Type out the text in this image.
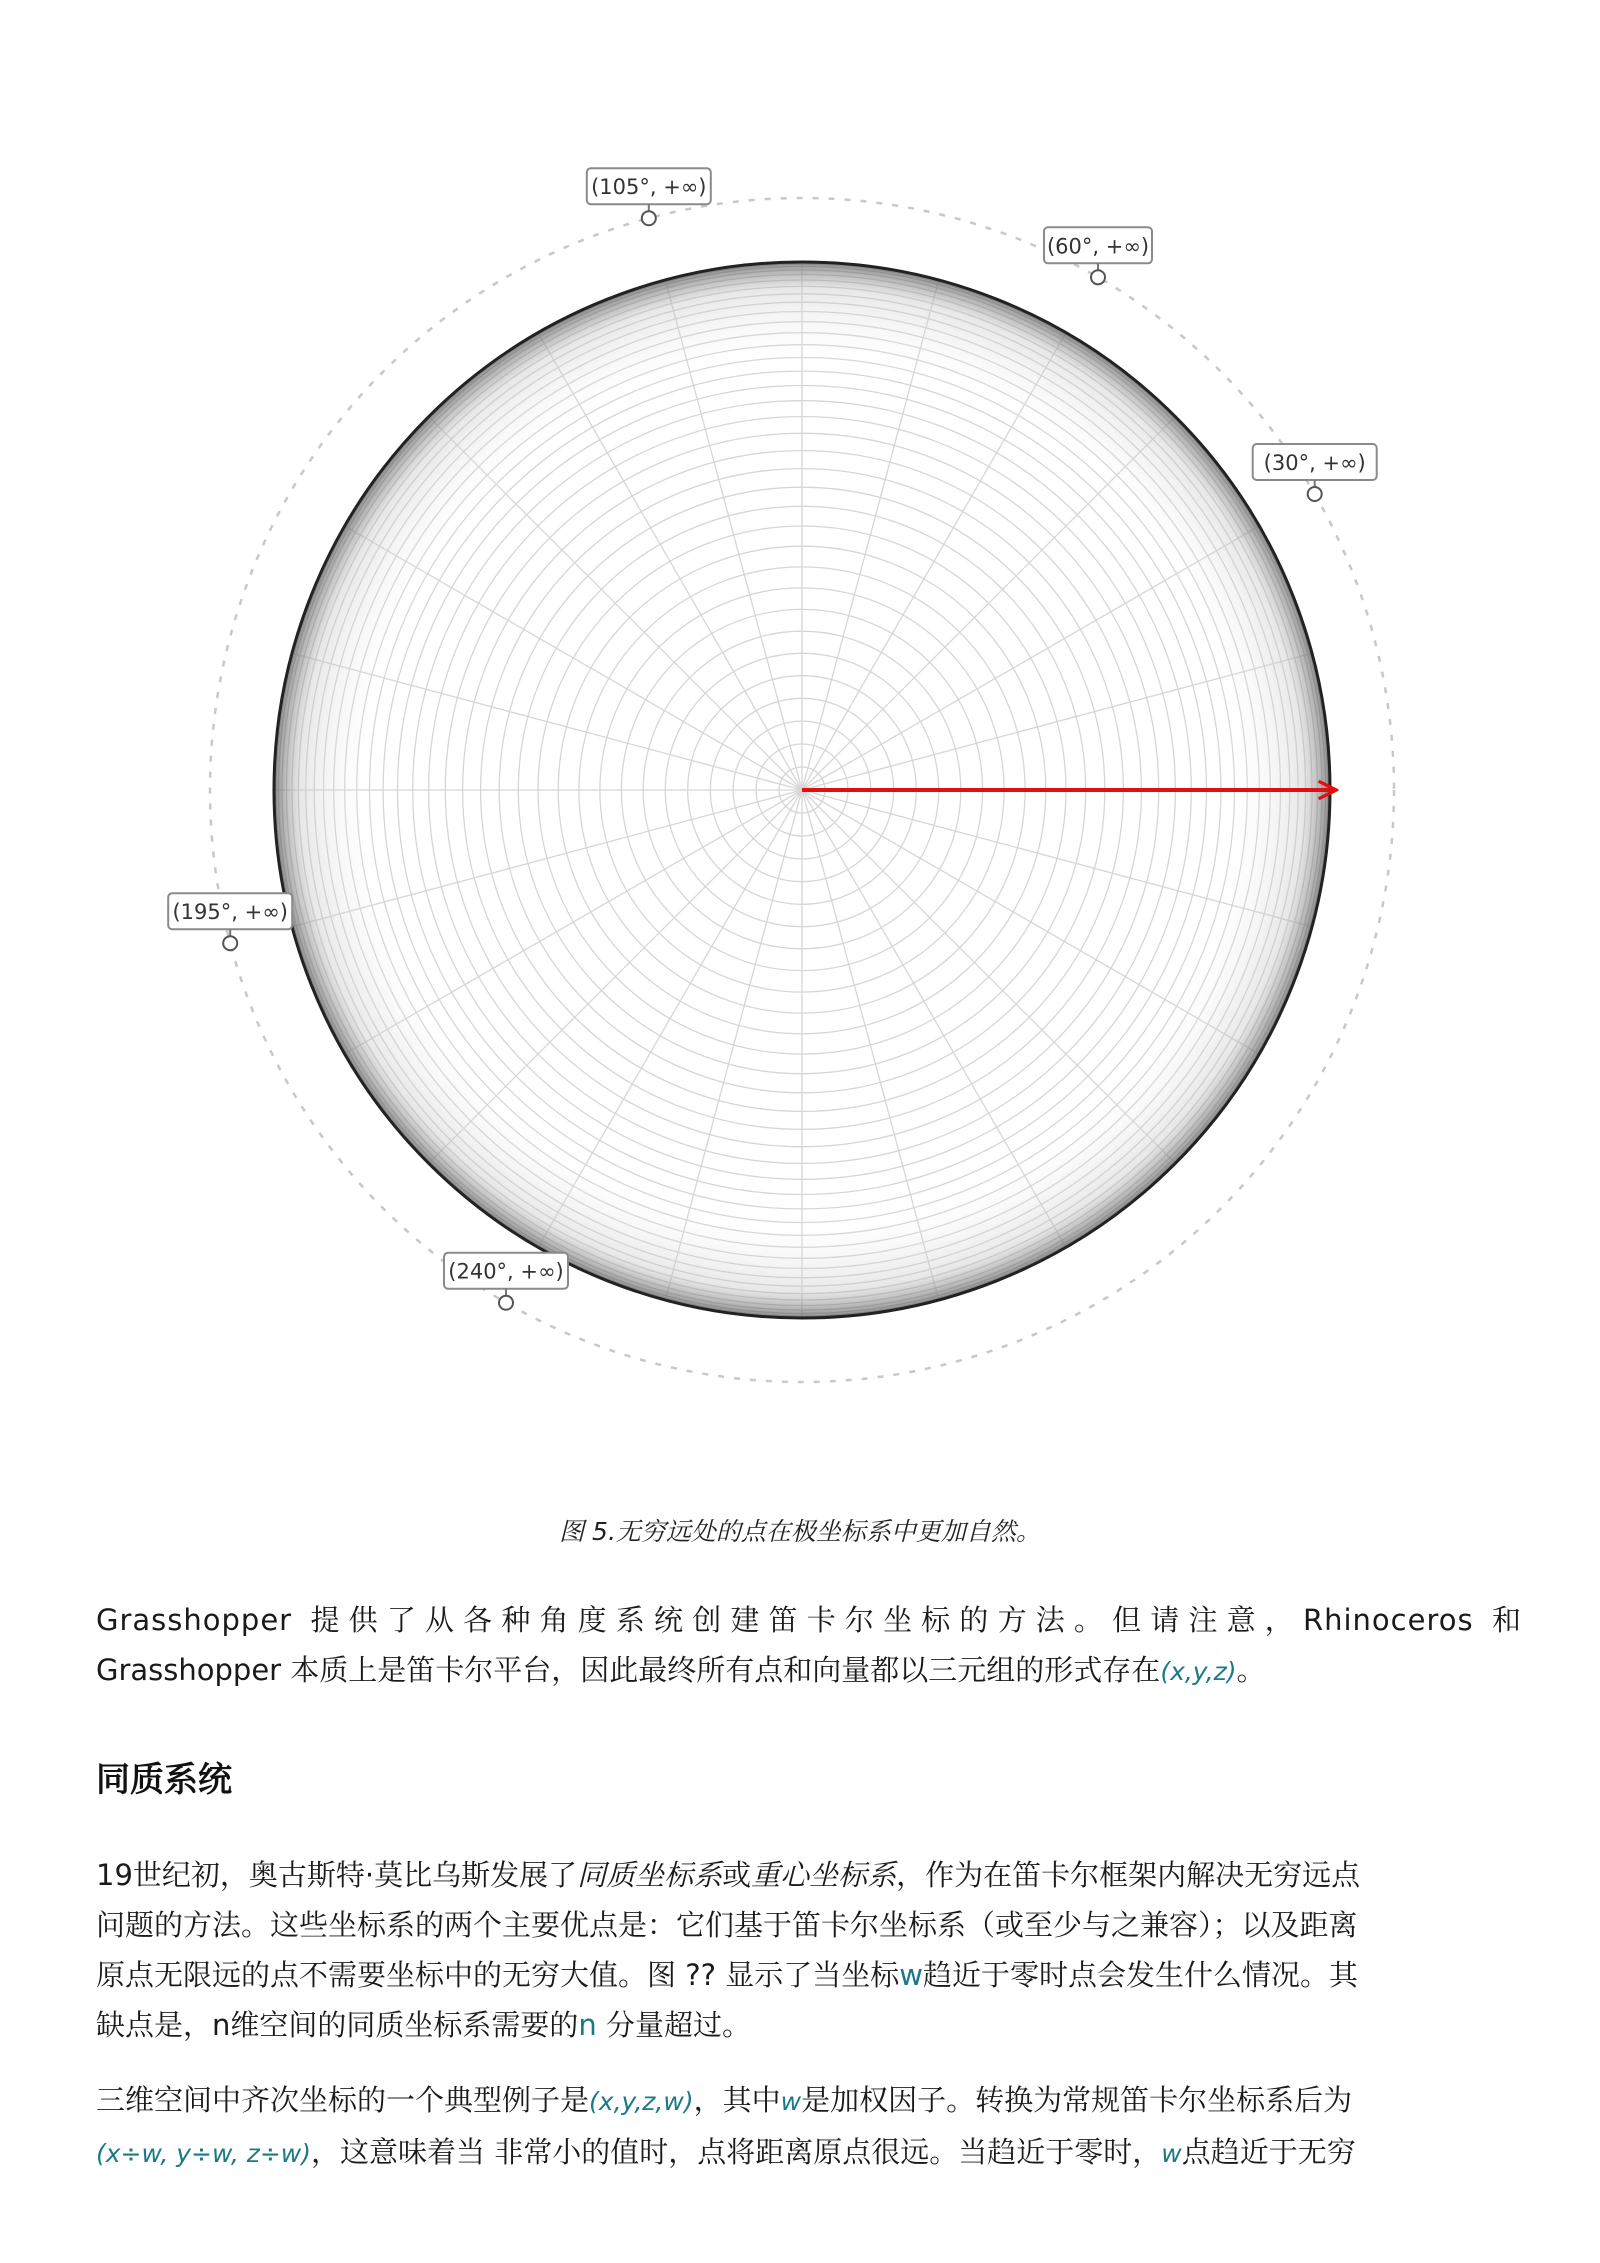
(105°, +∞)
(60°, +∞)
(30°, +∞)
(195°, +∞)
(240°, +∞)
图 5.无穷远处的点在极坐标系中更加自然。

Grasshopper 提供了从各种角度系统创建笛卡尔坐标的方法。但请注意，Rhinoceros 和
Grasshopper 本质上是笛卡尔平台，因此最终所有点和向量都以三元组的形式存在(x,y,z)。

同质系统

19世纪初，奥古斯特·莫比乌斯发展了同质坐标系或重心坐标系，作为在笛卡尔框架内解决无穷远点
问题的方法。这些坐标系的两个主要优点是：它们基于笛卡尔坐标系（或至少与之兼容）；以及距离
原点无限远的点不需要坐标中的无穷大值。图 ?? 显示了当坐标w趋近于零时点会发生什么情况。其
缺点是，n维空间的同质坐标系需要的n 分量超过。

三维空间中齐次坐标的一个典型例子是(x,y,z,w)，其中w是加权因子。转换为常规笛卡尔坐标系后为
(x÷w, y÷w, z÷w)，这意味着当 非常小的值时，点将距离原点很远。当趋近于零时，w点趋近于无穷
